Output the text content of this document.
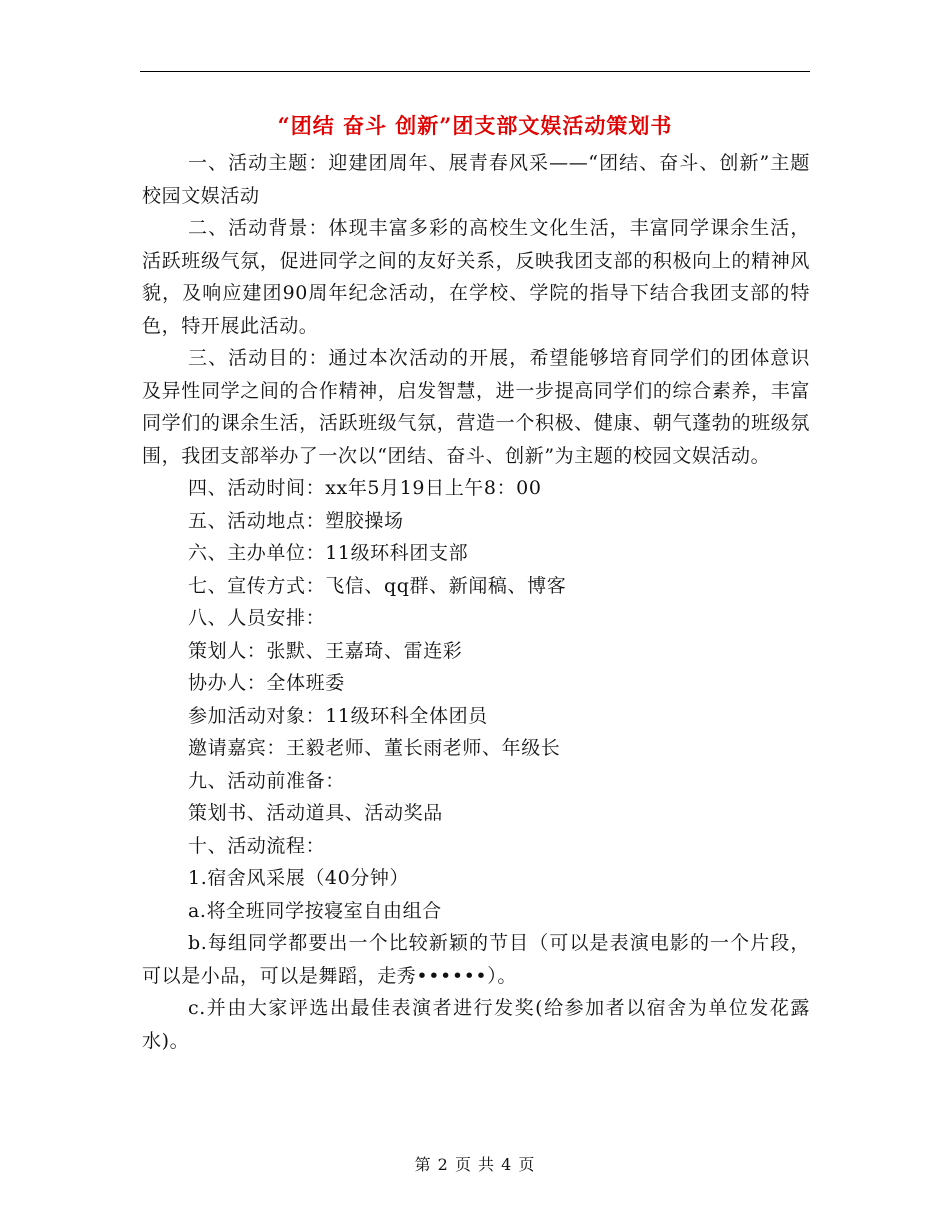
“团结 奋斗 创新”团支部文娱活动策划书

一、活动主题：迎建团周年、展青春风采——“团结、奋斗、创新”主题校园文娱活动

二、活动背景：体现丰富多彩的高校生文化生活，丰富同学课余生活，活跃班级气氛，促进同学之间的友好关系，反映我团支部的积极向上的精神风貌，及响应建团90周年纪念活动，在学校、学院的指导下结合我团支部的特色，特开展此活动。

三、活动目的：通过本次活动的开展，希望能够培育同学们的团体意识及异性同学之间的合作精神，启发智慧，进一步提高同学们的综合素养，丰富同学们的课余生活，活跃班级气氛，营造一个积极、健康、朝气蓬勃的班级氛围，我团支部举办了一次以“团结、奋斗、创新”为主题的校园文娱活动。

四、活动时间：xx年5月19日上午8：00

五、活动地点：塑胶操场

六、主办单位：11级环科团支部

七、宣传方式：飞信、qq群、新闻稿、博客

八、人员安排：

策划人：张默、王嘉琦、雷连彩

协办人：全体班委

参加活动对象：11级环科全体团员

邀请嘉宾：王毅老师、董长雨老师、年级长

九、活动前准备：

策划书、活动道具、活动奖品

十、活动流程：

1.宿舍风采展（40分钟）

a.将全班同学按寝室自由组合

b.每组同学都要出一个比较新颖的节目（可以是表演电影的一个片段，可以是小品，可以是舞蹈，走秀••••••）。

c.并由大家评选出最佳表演者进行发奖(给参加者以宿舍为单位发花露水)。

第 2 页 共 4 页
